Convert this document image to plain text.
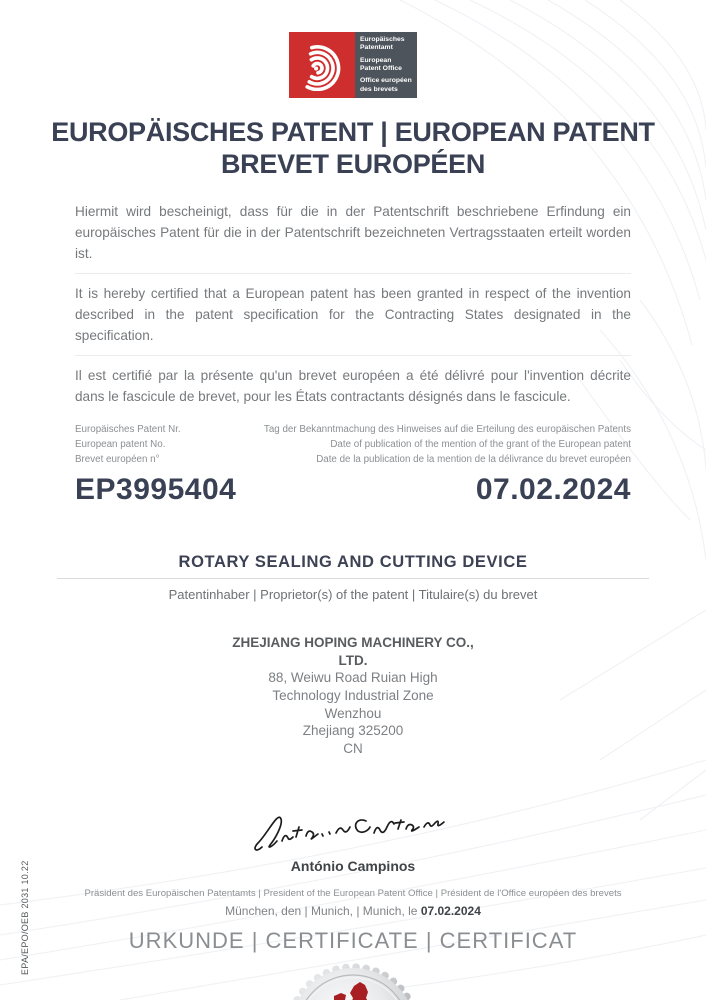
Europäisches Patentamt
European Patent Office
Office européen des brevets
EUROPÄISCHES PATENT | EUROPEAN PATENT
BREVET EUROPÉEN

Hiermit wird bescheinigt, dass für die in der Patentschrift beschriebene Erfindung ein europäisches Patent für die in der Patentschrift bezeichneten Vertragsstaaten erteilt worden ist.

It is hereby certified that a European patent has been granted in respect of the invention described in the patent specification for the Contracting States designated in the specification.

Il est certifié par la présente qu'un brevet européen a été délivré pour l'invention décrite dans le fascicule de brevet, pour les États contractants désignés dans le fascicule.

Europäisches Patent Nr.
European patent No.
Brevet européen n°
Tag der Bekanntmachung des Hinweises auf die Erteilung des europäischen Patents
Date of publication of the mention of the grant of the European patent
Date de la publication de la mention de la délivrance du brevet européen
EP3995404	07.02.2024
ROTARY SEALING AND CUTTING DEVICE
Patentinhaber | Proprietor(s) of the patent | Titulaire(s) du brevet
ZHEJIANG HOPING MACHINERY CO.,
LTD.
88, Weiwu Road Ruian High
Technology Industrial Zone
Wenzhou
Zhejiang 325200
CN
António Campinos
Präsident des Europäischen Patentamts | President of the European Patent Office | Président de l'Office européen des brevets
München, den | Munich, | Munich, le 07.02.2024
URKUNDE | CERTIFICATE | CERTIFICAT
EPA/EPO/OEB 2031 10.22
